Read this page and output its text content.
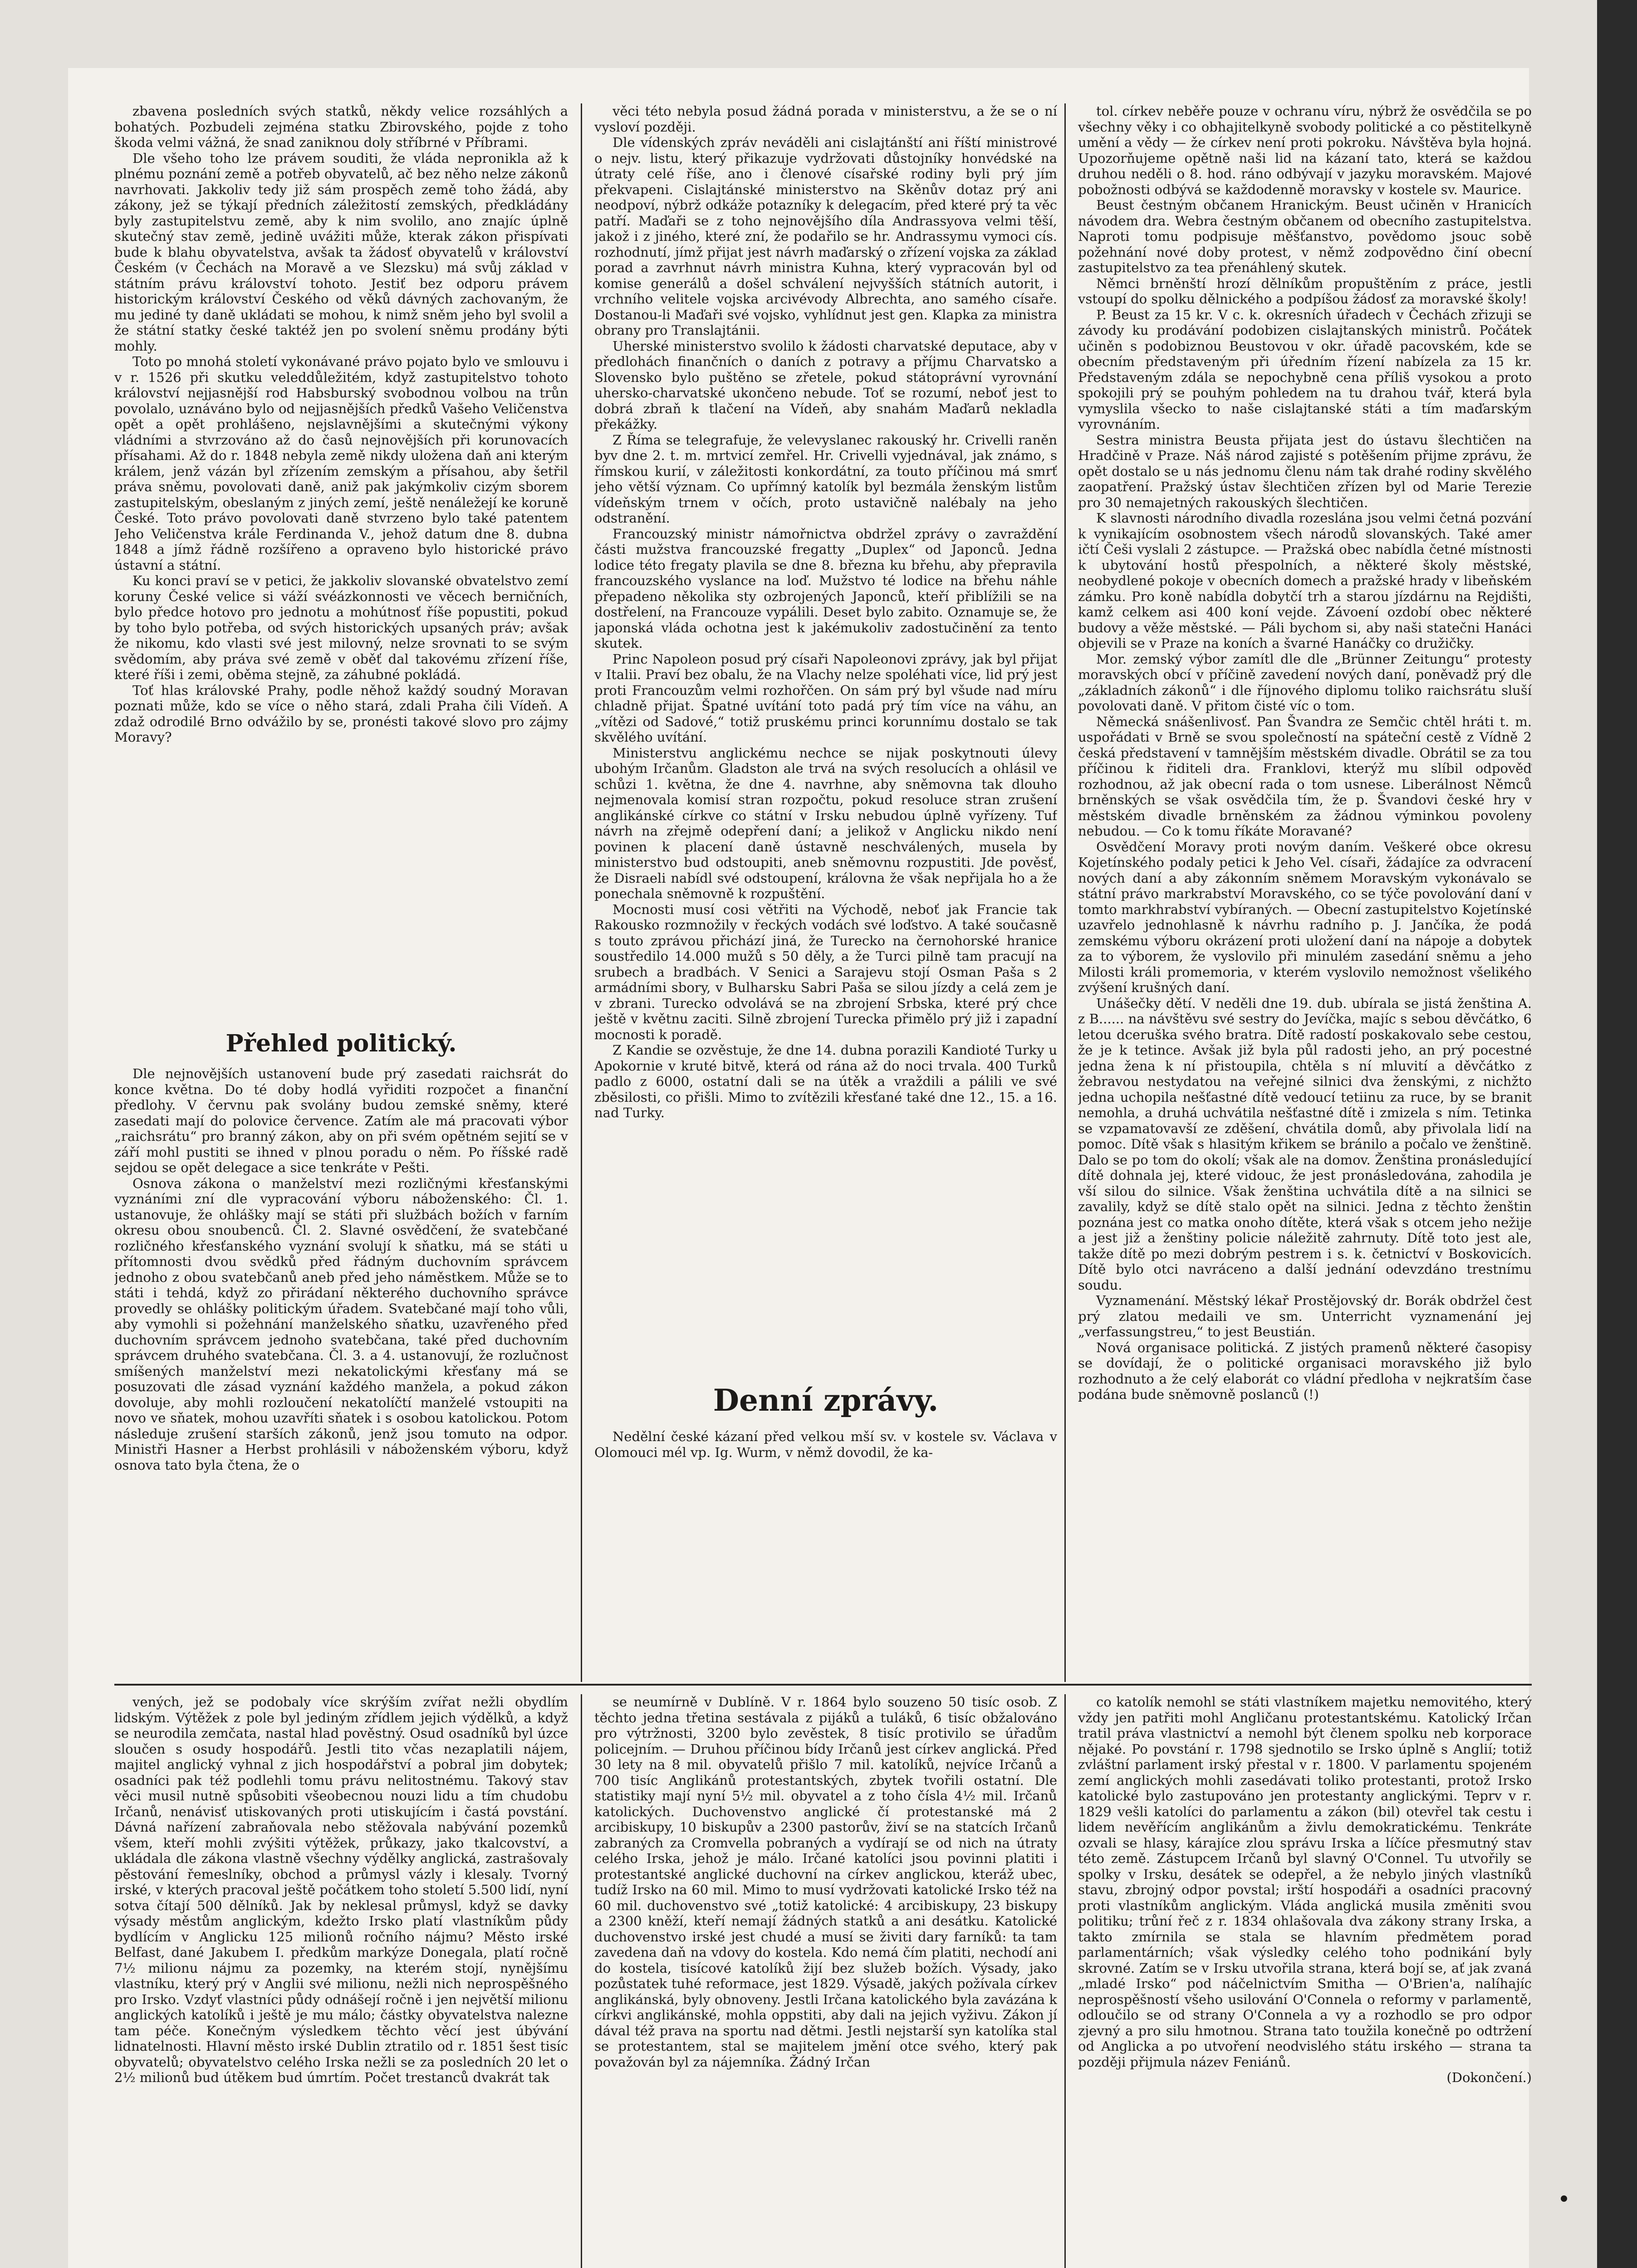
zbavena posledních svých statků, někdy velice rozsáhlých a bohatých. Pozbudeli zejména statku Zbirovského, pojde z toho škoda velmi vážná, že snad zaniknou doly stříbrné v Příbrami.

Dle všeho toho lze právem souditi, že vláda nepronikla až k plnému poznání země a potřeb obyvatelů, ač bez něho nelze zákonů navrhovati. Jakkoliv tedy již sám prospěch země toho žádá, aby zákony, jež se týkají předních záležitostí zemských, předkládány byly zastupitelstvu země, aby k nim svolilo, ano znajíc úplně skutečný stav země, jedině uvážiti může, kterak zákon přispívati bude k blahu obyvatelstva, avšak ta žádosť obyvatelů v království Českém (v Čechách na Moravě a ve Slezsku) má svůj základ v státním právu království tohoto. Jestiť bez odporu právem historickým království Českého od věků dávných zachovaným, že mu jediné ty daně ukládati se mohou, k nimž sněm jeho byl svolil a že státní statky české taktéž jen po svolení sněmu prodány býti mohly.

Toto po mnohá století vykonávané právo pojato bylo ve smlouvu i v r. 1526 při skutku veleddůležitém, když zastupitelstvo tohoto království nejjasnější rod Habsburský svobodnou volbou na trůn povolalo, uznáváno bylo od nejjasnějších předků Vašeho Veličenstva opět a opět prohlášeno, nejslavnějšími a skutečnými výkony vládními a stvrzováno až do časů nejnovějších při korunovacích přísahami. Až do r. 1848 nebyla země nikdy uložena daň ani kterým králem, jenž vázán byl zřízením zemským a přísahou, aby šetřil práva sněmu, povolovati daně, aniž pak jakýmkoliv cizým sborem zastupitelským, obeslaným z jiných zemí, ještě nenáležejí ke koruně České. Toto právo povolovati daně stvrzeno bylo také patentem Jeho Veličenstva krále Ferdinanda V., jehož datum dne 8. dubna 1848 a jímž řádně rozšířeno a opraveno bylo historické právo ústavní a státní.

Ku konci praví se v petici, že jakkoliv slovanské obvatelstvo zemí koruny České velice si váží svéázkonnosti ve věcech berničních, bylo předce hotovo pro jednotu a mohútnosť říše popustiti, pokud by toho bylo potřeba, od svých historických upsaných práv; avšak že nikomu, kdo vlasti své jest milovný, nelze srovnati to se svým svědomím, aby práva své země v oběť dal takovému zřízení říše, které říši i zemi, oběma stejně, za záhubné pokládá.

Toť hlas královské Prahy, podle něhož každý soudný Moravan poznati může, kdo se více o něho stará, zdali Praha čili Vídeň. A zdaž odrodilé Brno odvážilo by se, pronésti takové slovo pro zájmy Moravy?

Přehled politický.

Dle nejnovějších ustanovení bude prý zasedati raichsrát do konce května. Do té doby hodlá vyřiditi rozpočet a finanční předlohy. V červnu pak svolány budou zemské sněmy, které zasedati mají do polovice července. Zatím ale má pracovati výbor „raichsrátu“ pro branný zákon, aby on při svém opětném sejití se v září mohl pustiti se ihned v plnou poradu o něm. Po říšské radě sejdou se opět delegace a sice tenkráte v Pešti.

Osnova zákona o manželství mezi rozličnými křesťanskými vyznáními zní dle vypracování výboru náboženského: Čl. 1. ustanovuje, že ohlášky mají se státi při službách božích v farním okresu obou snoubenců. Čl. 2. Slavné osvědčení, že svatebčané rozličného křesťanského vyznání svolují k sňatku, má se státi u přítomnosti dvou svědků před řádným duchovním správcem jednoho z obou svatebčanů aneb před jeho náměstkem. Může se to státi i tehdá, když zo přirádaní některého duchovního správce provedly se ohlášky politickým úřadem. Svatebčané mají toho vůli, aby vymohli si požehnání manželského sňatku, uzavřeného před duchovním správcem jednoho svatebčana, také před duchovním správcem druhého svatebčana. Čl. 3. a 4. ustanovují, že rozlučnost smíšených manželství mezi nekatolickými křesťany má se posuzovati dle zásad vyznání každého manžela, a pokud zákon dovoluje, aby mohli rozloučení nekatolíčtí manželé vstoupiti na novo ve sňatek, mohou uzavříti sňatek i s osobou katolickou. Potom následuje zrušení starších zákonů, jenž jsou tomuto na odpor. Ministři Hasner a Herbst prohlásili v náboženském výboru, když osnova tato byla čtena, že o

věci této nebyla posud žádná porada v ministerstvu, a že se o ní vysloví později.

Dle vídenských zpráv neváděli ani cislajtánští ani říští ministrové o nejv. listu, který přikazuje vydržovati důstojníky honvédské na útraty celé říše, ano i členové císařské rodiny byli prý jím překvapeni. Cislajtánské ministerstvo na Skěnův dotaz prý ani neodpoví, nýbrž odkáže potazníky k delegacím, před které prý ta věc patří. Maďaři se z toho nejnovějšího díla Andrassyova velmi těší, jakož i z jiného, které zní, že podařilo se hr. Andrassymu vymoci cís. rozhodnutí, jímž přijat jest návrh maďarský o zřízení vojska za základ porad a zavrhnut návrh ministra Kuhna, který vypracován byl od komise generálů a došel schválení nejvyšších státních autorit, i vrchního velitele vojska arcivévody Albrechta, ano samého císaře. Dostanou-li Maďaři své vojsko, vyhlídnut jest gen. Klapka za ministra obrany pro Translajtánii.

Uherské ministerstvo svolilo k žádosti charvatské deputace, aby v předlohách finančních o daních z potravy a příjmu Charvatsko a Slovensko bylo puštěno se zřetele, pokud státoprávní vyrovnání uhersko-charvatské ukončeno nebude. Toť se rozumí, neboť jest to dobrá zbraň k tlačení na Vídeň, aby snahám Maďarů nekladla překážky.

Z Říma se telegrafuje, že velevyslanec rakouský hr. Crivelli raněn byv dne 2. t. m. mrtvicí zemřel. Hr. Crivelli vyjednával, jak známo, s římskou kurií, v záležitosti konkordátní, za touto příčinou má smrť jeho větší význam. Co upřímný katolík byl bezmála ženským listům vídeňským trnem v očích, proto ustavičně nalébaly na jeho odstranění.

Francouzský ministr námořnictva obdržel zprávy o zavraždění části mužstva francouzské fregatty „Duplex“ od Japonců. Jedna lodice této fregaty plavila se dne 8. března ku břehu, aby přepravila francouzského vyslance na loď. Mužstvo té lodice na břehu náhle přepadeno několika sty ozbrojených Japonců, kteří přiblížili se na dostřelení, na Francouze vypálili. Deset bylo zabito. Oznamuje se, že japonská vláda ochotna jest k jakémukoliv zadostučinění za tento skutek.

Princ Napoleon posud prý císaři Napoleonovi zprávy, jak byl přijat v Italii. Praví bez obalu, že na Vlachy nelze spoléhati více, lid prý jest proti Francouzům velmi rozhořčen. On sám prý byl všude nad míru chladně přijat. Špatné uvítání toto padá prý tím více na váhu, an „vítězi od Sadové,“ totiž pruskému princi korunnímu dostalo se tak skvělého uvítání.

Ministerstvu anglickému nechce se nijak poskytnouti úlevy ubohým Irčanům. Gladston ale trvá na svých resolucích a ohlásil ve schůzi 1. května, že dne 4. navrhne, aby sněmovna tak dlouho nejmenovala komisí stran rozpočtu, pokud resoluce stran zrušení anglikánské církve co státní v Irsku nebudou úplně vyřízeny. Tuf návrh na zřejmě odepření daní; a jelikož v Anglicku nikdo není povinen k placení daně ústavně neschválených, musela by ministerstvo bud odstoupiti, aneb sněmovnu rozpustiti. Jde pověsť, že Disraeli nabídl své odstoupení, královna že však nepřijala ho a že ponechala sněmovně k rozpuštění.

Mocnosti musí cosi větřiti na Východě, neboť jak Francie tak Rakousko rozmnožily v řeckých vodách své loďstvo. A také současně s touto zprávou přichází jiná, že Turecko na černohorské hranice soustředilo 14.000 mužů s 50 děly, a že Turci pilně tam pracují na srubech a bradbách. V Senici a Sarajevu stojí Osman Paša s 2 armádními sbory, v Bulharsku Sabri Paša se silou jízdy a celá zem je v zbrani. Turecko odvolává se na zbrojení Srbska, které prý chce ještě v květnu zaciti. Silně zbrojení Turecka přimělo prý již i zapadní mocnosti k poradě.

Z Kandie se ozvěstuje, že dne 14. dubna porazili Kandioté Turky u Apokornie v kruté bitvě, která od rána až do noci trvala. 400 Turků padlo z 6000, ostatní dali se na útěk a vraždili a pálili ve své zběsilosti, co přišli. Mimo to zvítězili křesťané také dne 12., 15. a 16. nad Turky.

Denní zprávy.

Nedělní české kázaní před velkou mší sv. v kostele sv. Václava v Olomouci mél vp. Ig. Wurm, v němž dovodil, že ka-

tol. církev neběře pouze v ochranu víru, nýbrž že osvědčila se po všechny věky i co obhajitelkyně svobody politické a co pěstitelkyně umění a vědy — že církev není proti pokroku. Návštěva byla hojná. Upozorňujeme opětně naši lid na kázaní tato, která se každou druhou neděli o 8. hod. ráno odbývají v jazyku moravském. Majové pobožnosti odbývá se každodenně moravsky v kostele sv. Maurice.

Beust čestným občanem Hranickým. Beust učiněn v Hranicích návodem dra. Webra čestným občanem od obecního zastupitelstva. Naproti tomu podpisuje měšťanstvo, povědomo jsouc sobě požehnání nové doby protest, v němž zodpovědno činí obecní zastupitelstvo za tea přenáhlený skutek.

Němci brněnští hrozí dělníkům propuštěním z práce, jestli vstoupí do spolku dělnického a podpíšou žádosť za moravské školy!

P. Beust za 15 kr. V c. k. okresních úřadech v Čechách zřizuji se závody ku prodávání podobizen cislajtanských ministrů. Počátek učiněn s podobiznou Beustovou v okr. úřadě pacovském, kde se obecním představeným při úředním řízení nabízela za 15 kr. Představeným zdála se nepochybně cena příliš vysokou a proto spokojili prý se pouhým pohledem na tu drahou tvář, která byla vymyslila všecko to naše cislajtanské státi a tím maďarským vyrovnáním.

Sestra ministra Beusta přijata jest do ústavu šlechtičen na Hradčině v Praze. Náš národ zajisté s potěšením přijme zprávu, že opět dostalo se u nás jednomu členu nám tak drahé rodiny skvělého zaopatření. Pražský ústav šlechtičen zřízen byl od Marie Terezie pro 30 nemajetných rakouských šlechtičen.

K slavnosti národního divadla rozeslána jsou velmi četná pozvání k vynikajícím osobnostem všech národů slovanských. Také amer ičtí Češi vyslali 2 zástupce. — Pražská obec nabídla četné místnosti k ubytování hostů přespolních, a některé školy městské, neobydlené pokoje v obecních domech a pražské hrady v libeňském zámku. Pro koně nabídla dobytčí trh a starou jízdárnu na Rejdišti, kamž celkem asi 400 koní vejde. Závoení ozdobí obec některé budovy a věže městské. — Páli bychom si, aby naši statečni Hanáci objevili se v Praze na koních a švarné Hanáčky co družičky.

Mor. zemský výbor zamítl dle dle „Brünner Zeitungu“ protesty moravských obcí v příčině zavedení nových daní, poněvadž prý dle „základních zákonů“ i dle říjnového diplomu toliko raichsrátu sluší povolovati daně. V přitom čisté víc o tom.

Německá snášenlivosť. Pan Švandra ze Semčic chtěl hráti t. m. uspořádati v Brně se svou společností na spáteční cestě z Vídně 2 česká představení v tamnějším městském divadle. Obrátil se za tou příčinou k řiditeli dra. Franklovi, kterýž mu slíbil odpověď rozhodnou, až jak obecní rada o tom usnese. Liberálnost Němců brněnských se však osvědčila tím, že p. Švandovi české hry v městském divadle brněnském za žádnou výminkou povoleny nebudou. — Co k tomu říkáte Moravané?

Osvědčení Moravy proti novým daním. Veškeré obce okresu Kojetínského podaly petici k Jeho Vel. císaři, žádajíce za odvracení nových daní a aby zákonním sněmem Moravským vykonávalo se státní právo markrabství Moravského, co se týče povolování daní v tomto markhrabství vybíraných. — Obecní zastupitelstvo Kojetínské uzavřelo jednohlasně k návrhu radního p. J. Jančíka, že podá zemskému výboru okrázení proti uložení daní na nápoje a dobytek za to výborem, že vyslovilo při minulém zasedání sněmu a jeho Milosti králi promemoria, v kterém vyslovilo nemožnost všelikého zvýšení krušných daní.

Unášečky dětí. V neděli dne 19. dub. ubírala se jistá ženština A. z B...... na návštěvu své sestry do Jevíčka, majíc s sebou děvčátko, 6 letou dceruška svého bratra. Dítě radostí poskakovalo sebe cestou, že je k tetince. Avšak již byla půl radosti jeho, an prý pocestné jedna žena k ní přistoupila, chtěla s ní mluvití a děvčátko z žebravou nestydatou na veřejné silnici dva ženskými, z nichžto jedna uchopila nešťastné dítě vedoucí tetiinu za ruce, by se branit nemohla, a druhá uchvátila nešťastné dítě i zmizela s ním. Tetinka se vzpamatovavší ze zděšení, chvátila domů, aby přivolala lidí na pomoc. Dítě však s hlasitým křikem se bránilo a počalo ve ženštině. Dalo se po tom do okolí; však ale na domov. Ženština pronásledující dítě dohnala jej, které vidouc, že jest pronásledována, zahodila je vší silou do silnice. Však ženština uchvátila dítě a na silnici se zavalily, když se dítě stalo opět na silnici. Jedna z těchto ženštin poznána jest co matka onoho dítěte, která však s otcem jeho nežije a jest již a ženštiny policie náležitě zahrnuty. Dítě toto jest ale, takže dítě po mezi dobrým pestrem i s. k. četnictví v Boskovicích. Dítě bylo otci navráceno a další jednání odevzdáno trestnímu soudu.

Vyznamenání. Městský lékař Prostějovský dr. Borák obdržel čest prý zlatou medaili ve sm. Unterricht vyznamenání jej „verfassungstreu,“ to jest Beustián.

Nová organisace politická. Z jistých pramenů některé časopisy se dovídají, že o politické organisaci moravského již bylo rozhodnuto a že celý elaborát co vládní předloha v nejkratším čase podána bude sněmovně poslanců (!)

vených, jež se podobaly více skrýším zvířat nežli obydlím lidským. Výtěžek z pole byl jediným zřídlem jejich výdělků, a když se neurodila zemčata, nastal hlad pověstný. Osud osadníků byl úzce sloučen s osudy hospodářů. Jestli tito včas nezaplatili nájem, majitel anglický vyhnal z jich hospodářství a pobral jim dobytek; osadníci pak též podlehli tomu právu nelitostnému. Takový stav věci musil nutně spůsobiti všeobecnou nouzi lidu a tím chudobu Irčanů, nenávisť utiskovaných proti utiskujícím i častá povstání. Dávná nařízení zabraňovala nebo stěžovala nabývání pozemků všem, kteří mohli zvýšiti výtěžek, průkazy, jako tkalcovství, a ukládala dle zákona vlastně všechny výdělky anglická, zastrašovaly pěstování řemeslníky, obchod a průmysl vázly i klesaly. Tvorný irské, v kterých pracoval ještě počátkem toho století 5.500 lidí, nyní sotva čítají 500 dělníků. Jak by neklesal průmysl, když se davky výsady městům anglickým, kdežto Irsko platí vlastníkům půdy bydlícím v Anglicku 125 milionů ročního nájmu? Město irské Belfast, dané Jakubem I. předkům markýze Donegala, platí ročně 7½ milionu nájmu za pozemky, na kterém stojí, nynějšímu vlastníku, který prý v Anglii své milionu, nežli nich neprospěšného pro Irsko. Vzdyť vlastníci půdy odnášejí ročně i jen největší milionu anglických katolíků i ještě je mu málo; částky obyvatelstva nalezne tam péče. Konečným výsledkem těchto věcí jest úbývání lidnatelnosti. Hlavní město irské Dublin ztratilo od r. 1851 šest tisíc obyvatelů; obyvatelstvo celého Irska nežli se za posledních 20 let o 2½ milionů bud útěkem bud úmrtím. Počet trestanců dvakrát tak

se neumírně v Dublíně. V r. 1864 bylo souzeno 50 tisíc osob. Z těchto jedna třetina sestávala z pijáků a tuláků, 6 tisíc obžalováno pro výtržnosti, 3200 bylo zevěstek, 8 tisíc protivilo se úřadům policejním. — Druhou příčinou bídy Irčanů jest církev anglická. Před 30 lety na 8 mil. obyvatelů přišlo 7 mil. katolíků, nejvíce Irčanů a 700 tisíc Anglikánů protestantských, zbytek tvořili ostatní. Dle statistiky mají nyní 5½ mil. obyvatel a z toho čísla 4½ mil. Irčanů katolických. Duchovenstvo anglické čí protestanské má 2 arcibiskupy, 10 biskupův a 2300 pastorův, živí se na statcích Irčanů zabraných za Cromvella pobraných a vydírají se od nich na útraty celého Irska, jehož je málo. Irčané katolíci jsou povinni platiti i protestantské anglické duchovní na církev anglickou, kteráž ubec, tudíž Irsko na 60 mil. Mimo to musí vydržovati katolické Irsko též na 60 mil. duchovenstvo své „totiž katolické: 4 arcibiskupy, 23 biskupy a 2300 kněží, kteří nemají žádných statků a ani desátku. Katolické duchovenstvo irské jest chudé a musí se živiti dary farníků: ta tam zavedena daň na vdovy do kostela. Kdo nemá čím platiti, nechodí ani do kostela, tisícové katolíků žijí bez služeb božích. Výsady, jako pozůstatek tuhé reformace, jest 1829. Výsadě, jakých požívala církev anglikánská, byly obnoveny. Jestli Irčana katolického byla zavázána k církvi anglikánské, mohla oppstiti, aby dali na jejich vyživu. Zákon jí dával též prava na sportu nad dětmi. Jestli nejstarší syn katolíka stal se protestantem, stal se majitelem jmění otce svého, který pak považován byl za nájemníka. Žádný Irčan

co katolík nemohl se státi vlastníkem majetku nemovitého, který vždy jen patřiti mohl Angličanu protestantskému. Katolický Irčan tratil práva vlastnictví a nemohl být členem spolku neb korporace nějaké. Po povstání r. 1798 sjednotilo se Irsko úplně s Anglií; totiž zvláštní parlament irský přestal v r. 1800. V parlamentu spojeném zemí anglických mohli zasedávati toliko protestanti, protož Irsko katolické bylo zastupováno jen protestanty anglickými. Teprv v r. 1829 vešli katolíci do parlamentu a zákon (bil) otevřel tak cestu i lidem nevěřícím anglikánům a živlu demokratickému. Tenkráte ozvali se hlasy, kárajíce zlou správu Irska a líčíce přesmutný stav této země. Zástupcem Irčanů byl slavný O'Connel. Tu utvořily se spolky v Irsku, desátek se odepřel, a že nebylo jiných vlastníků stavu, zbrojný odpor povstal; irští hospodáři a osadníci pracovný proti vlastníkům anglickým. Vláda anglická musila změniti svou politiku; trůní řeč z r. 1834 ohlašovala dva zákony strany Irska, a takto zmírnila se stala se hlavním předmětem porad parlamentárních; však výsledky celého toho podnikání byly skrovné. Zatím se v Irsku utvořila strana, která bojí se, ať jak zvaná „mladé Irsko“ pod náčelnictvím Smitha — O'Brien'a, nalíhajíc neprospěšností všeho usilování O'Connela o reformy v parlamentě, odloučilo se od strany O'Connela a vy a rozhodlo se pro odpor zjevný a pro silu hmotnou. Strana tato toužila konečně po odtržení od Anglicka a po utvoření neodvislého státu irského — strana ta později přijmula název Feniánů.

(Dokončení.)
